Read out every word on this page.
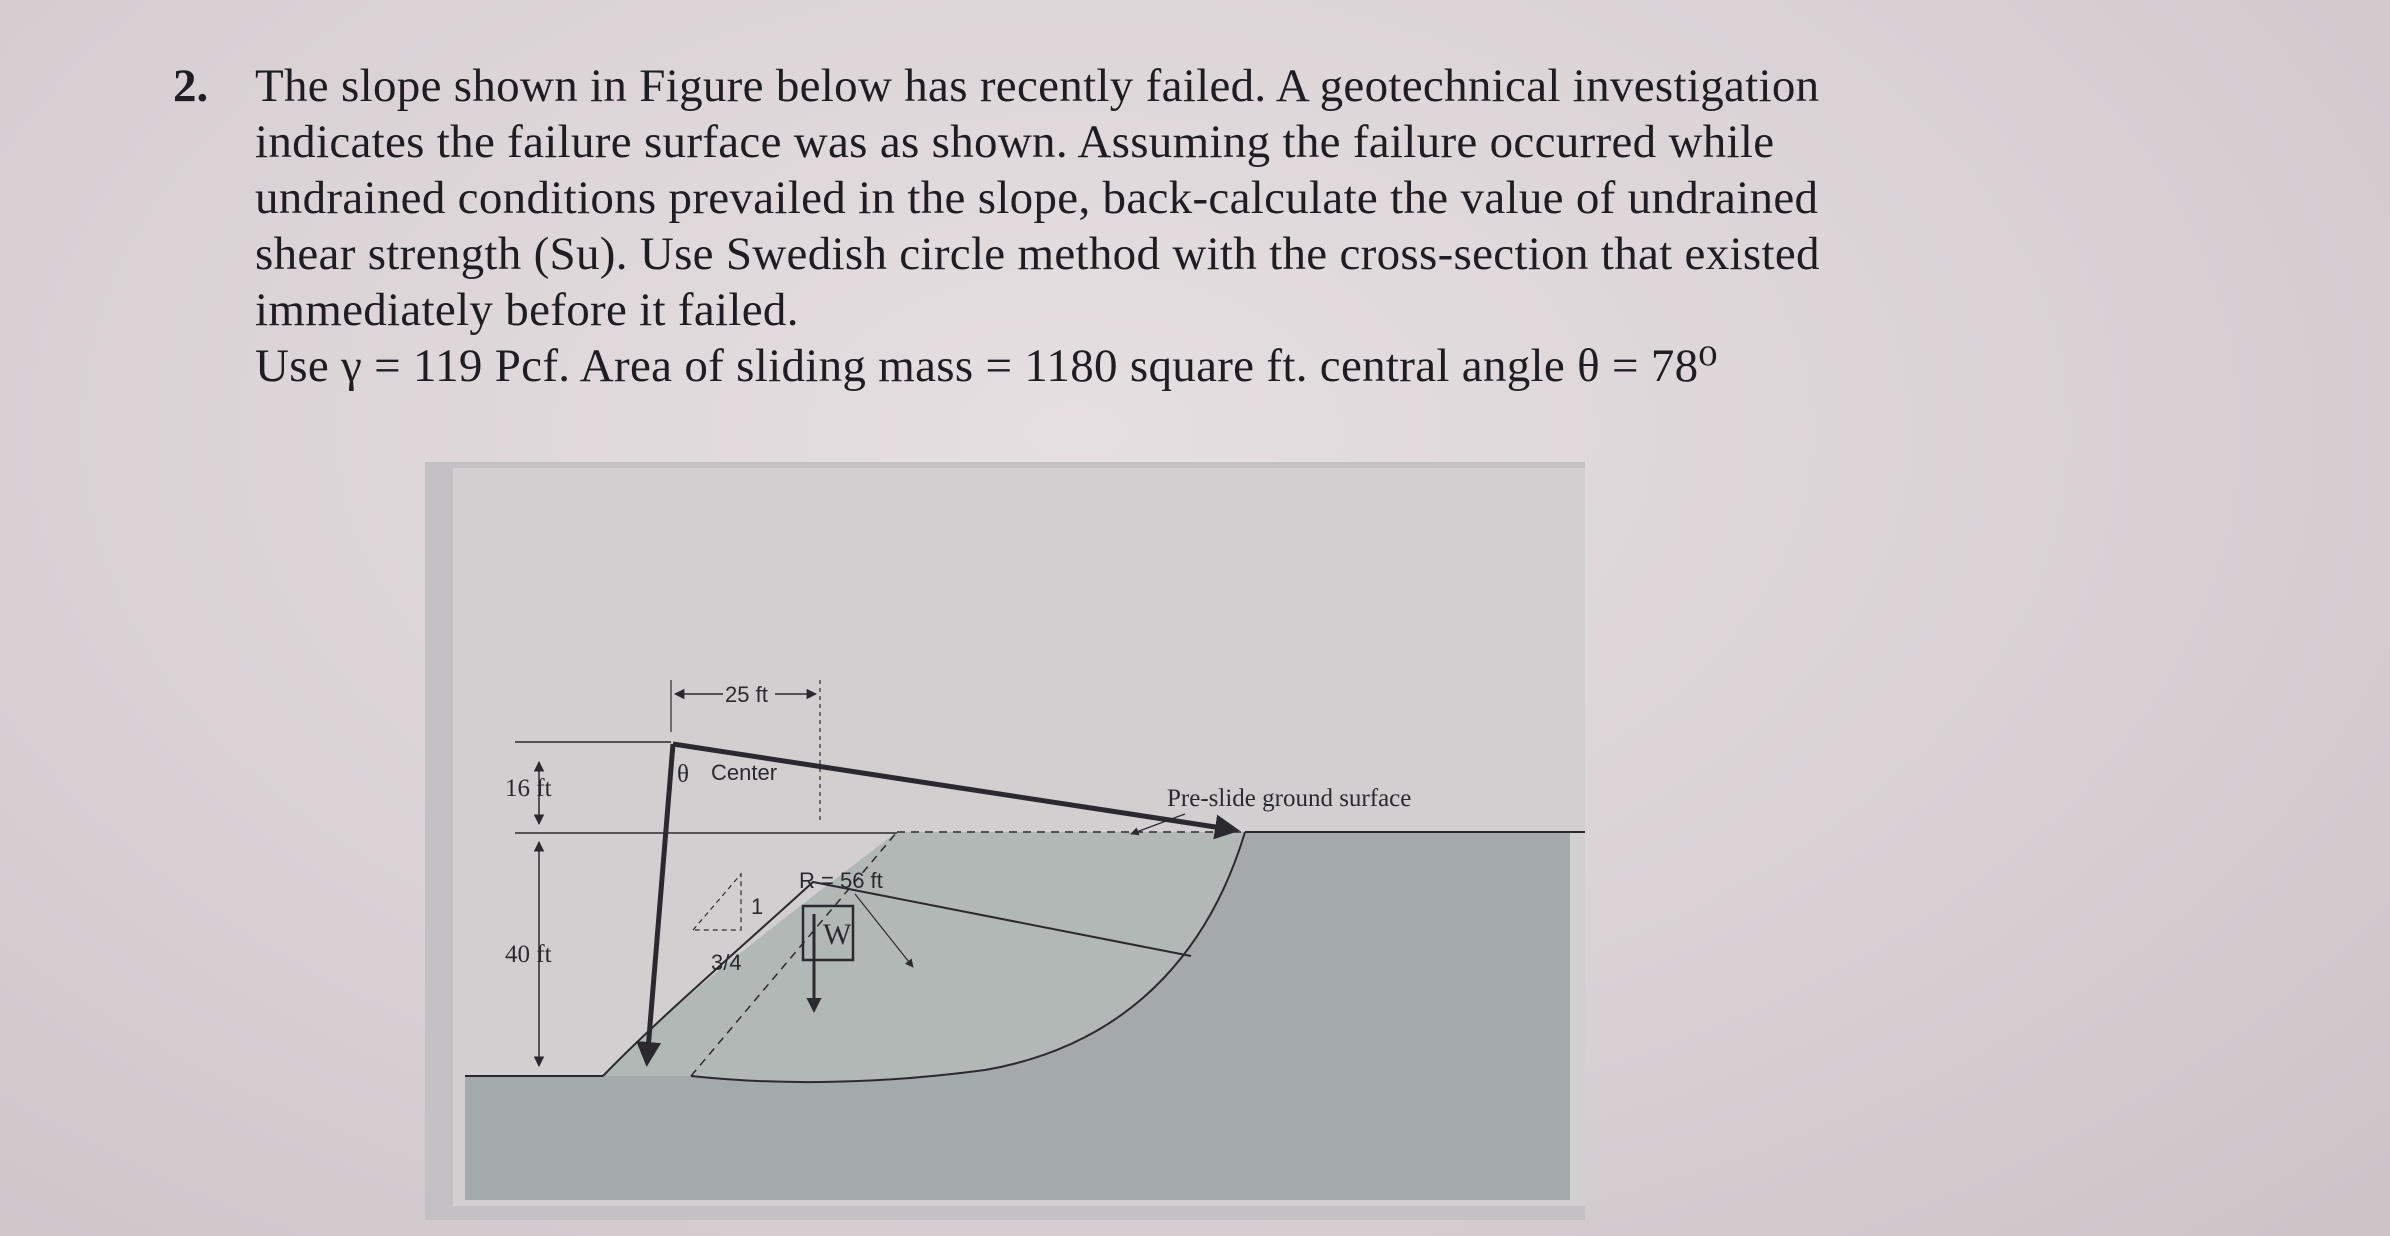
2. The slope shown in Figure below has recently failed. A geotechnical investigation
indicates the failure surface was as shown. Assuming the failure occurred while
undrained conditions prevailed in the slope, back-calculate the value of undrained
shear strength (Su). Use Swedish circle method with the cross-section that existed
immediately before it failed.
Use γ = 119 Pcf. Area of sliding mass = 1180 square ft. central angle θ = 78⁰
16 ft
40 ft
25 ft
θ Center
Pre-slide ground surface
R = 56 ft
W
1
3/4
